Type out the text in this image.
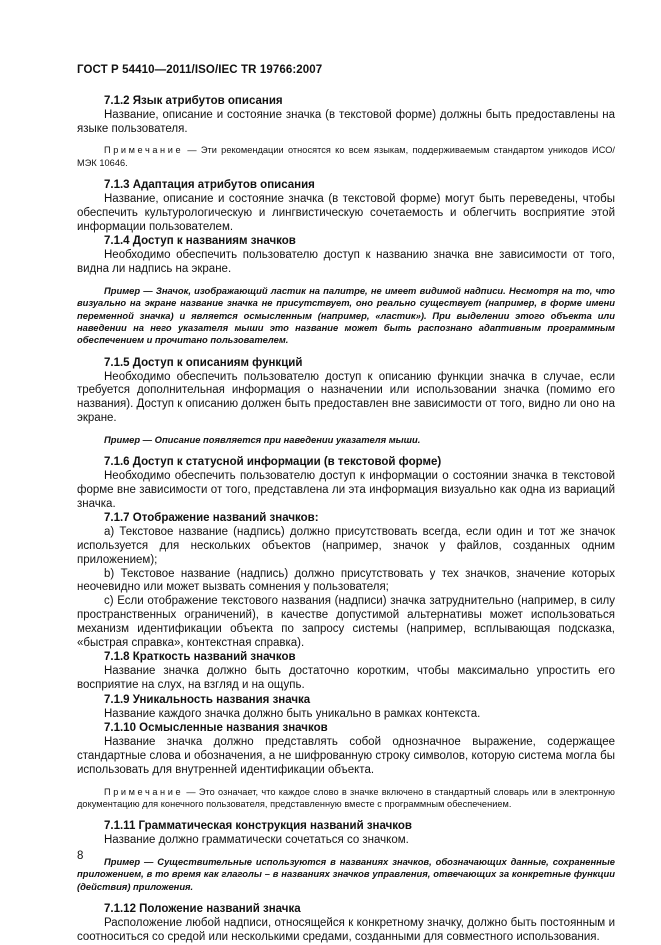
ГОСТ Р 54410—2011/ISO/IEC TR 19766:2007

7.1.2 Язык атрибутов описания

Название, описание и состояние значка (в текстовой форме) должны быть предоставлены на языке пользователя.

Примечание — Эти рекомендации относятся ко всем языкам, поддерживаемым стандартом уникодов ИСО/МЭК 10646.

7.1.3 Адаптация атрибутов описания

Название, описание и состояние значка (в текстовой форме) могут быть переведены, чтобы обеспечить культурологическую и лингвистическую сочетаемость и облегчить восприятие этой информации пользователем.

7.1.4 Доступ к названиям значков

Необходимо обеспечить пользователю доступ к названию значка вне зависимости от того, видна ли надпись на экране.

Пример — Значок, изображающий ластик на палитре, не имеет видимой надписи. Несмотря на то, что визуально на экране название значка не присутствует, оно реально существует (например, в форме имени переменной значка) и является осмысленным (например, «ластик»). При выделении этого объекта или наведении на него указателя мыши это название может быть распознано адаптивным программным обеспечением и прочитано пользователем.

7.1.5 Доступ к описаниям функций

Необходимо обеспечить пользователю доступ к описанию функции значка в случае, если требуется дополнительная информация о назначении или использовании значка (помимо его названия). Доступ к описанию должен быть предоставлен вне зависимости от того, видно ли оно на экране.

Пример — Описание появляется при наведении указателя мыши.

7.1.6 Доступ к статусной информации (в текстовой форме)

Необходимо обеспечить пользователю доступ к информации о состоянии значка в текстовой форме вне зависимости от того, представлена ли эта информация визуально как одна из вариаций значка.

7.1.7 Отображение названий значков:

а) Текстовое название (надпись) должно присутствовать всегда, если один и тот же значок используется для нескольких объектов (например, значок у файлов, созданных одним приложением);

b) Текстовое название (надпись) должно присутствовать у тех значков, значение которых неочевидно или может вызвать сомнения у пользователя;

с) Если отображение текстового названия (надписи) значка затруднительно (например, в силу пространственных ограничений), в качестве допустимой альтернативы может использоваться механизм идентификации объекта по запросу системы (например, всплывающая подсказка, «быстрая справка», контекстная справка).

7.1.8 Краткость названий значков

Название значка должно быть достаточно коротким, чтобы максимально упростить его восприятие на слух, на взгляд и на ощупь.

7.1.9 Уникальность названия значка

Название каждого значка должно быть уникально в рамках контекста.

7.1.10 Осмысленные названия значков

Название значка должно представлять собой однозначное выражение, содержащее стандартные слова и обозначения, а не шифрованную строку символов, которую система могла бы использовать для внутренней идентификации объекта.

Примечание — Это означает, что каждое слово в значке включено в стандартный словарь или в электронную документацию для конечного пользователя, представленную вместе с программным обеспечением.

7.1.11 Грамматическая конструкция названий значков

Название должно грамматически сочетаться со значком.

Пример — Существительные используются в названиях значков, обозначающих данные, сохраненные приложением, в то время как глаголы – в названиях значков управления, отвечающих за конкретные функции (действия) приложения.

7.1.12 Положение названий значка

Расположение любой надписи, относящейся к конкретному значку, должно быть постоянным и соотноситься со средой или несколькими средами, созданными для совместного использования.

8
